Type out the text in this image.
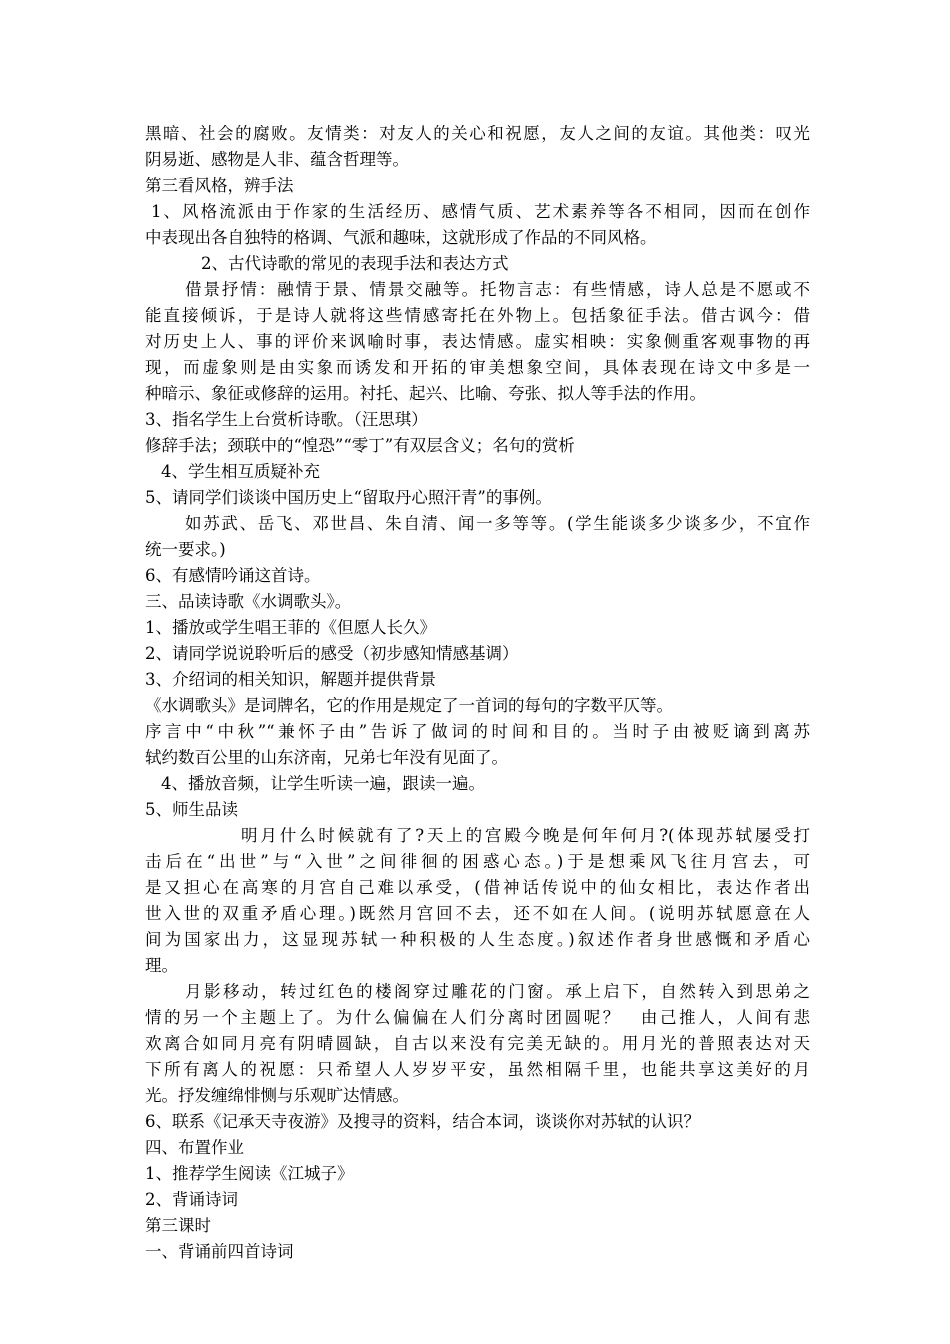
黑暗、社会的腐败。友情类：对友人的关心和祝愿，友人之间的友谊。其他类：叹光
阴易逝、感物是人非、蕴含哲理等。
第三看风格，辨手法
1、风格流派由于作家的生活经历、感情气质、艺术素养等各不相同，因而在创作
中表现出各自独特的格调、气派和趣味，这就形成了作品的不同风格。
2、古代诗歌的常见的表现手法和表达方式
借景抒情：融情于景、情景交融等。托物言志：有些情感，诗人总是不愿或不
能直接倾诉，于是诗人就将这些情感寄托在外物上。包括象征手法。借古讽今：借
对历史上人、事的评价来讽喻时事，表达情感。虚实相映：实象侧重客观事物的再
现，而虚象则是由实象而诱发和开拓的审美想象空间，具体表现在诗文中多是一
种暗示、象征或修辞的运用。衬托、起兴、比喻、夸张、拟人等手法的作用。
3、指名学生上台赏析诗歌。（汪思琪）
修辞手法；颈联中的“惶恐”“零丁”有双层含义；名句的赏析
4、学生相互质疑补充
5、请同学们谈谈中国历史上“留取丹心照汗青”的事例。
如苏武、岳飞、邓世昌、朱自清、闻一多等等。(学生能谈多少谈多少，不宜作
统一要求。)
6、有感情吟诵这首诗。
三、品读诗歌《水调歌头》。
1、播放或学生唱王菲的《但愿人长久》
2、请同学说说聆听后的感受（初步感知情感基调）
3、介绍词的相关知识，解题并提供背景
《水调歌头》是词牌名，它的作用是规定了一首词的每句的字数平仄等。
序言中“中秋”“兼怀子由”告诉了做词的时间和目的。当时子由被贬谪到离苏
轼约数百公里的山东济南，兄弟七年没有见面了。
4、播放音频，让学生听读一遍，跟读一遍。
5、师生品读
明月什么时候就有了?天上的宫殿今晚是何年何月?(体现苏轼屡受打
击后在“出世”与“入世”之间徘徊的困惑心态。)于是想乘风飞往月宫去，可
是又担心在高寒的月宫自己难以承受，(借神话传说中的仙女相比，表达作者出
世入世的双重矛盾心理。)既然月宫回不去，还不如在人间。(说明苏轼愿意在人
间为国家出力，这显现苏轼一种积极的人生态度。)叙述作者身世感慨和矛盾心
理。
月影移动，转过红色的楼阁穿过雕花的门窗。承上启下，自然转入到思弟之
情的另一个主题上了。为什么偏偏在人们分离时团圆呢？　由己推人，人间有悲
欢离合如同月亮有阴晴圆缺，自古以来没有完美无缺的。用月光的普照表达对天
下所有离人的祝愿：只希望人人岁岁平安，虽然相隔千里，也能共享这美好的月
光。抒发缠绵悱恻与乐观旷达情感。
6、联系《记承天寺夜游》及搜寻的资料，结合本词，谈谈你对苏轼的认识？
四、布置作业
1、推荐学生阅读《江城子》
2、背诵诗词
第三课时
一、背诵前四首诗词
